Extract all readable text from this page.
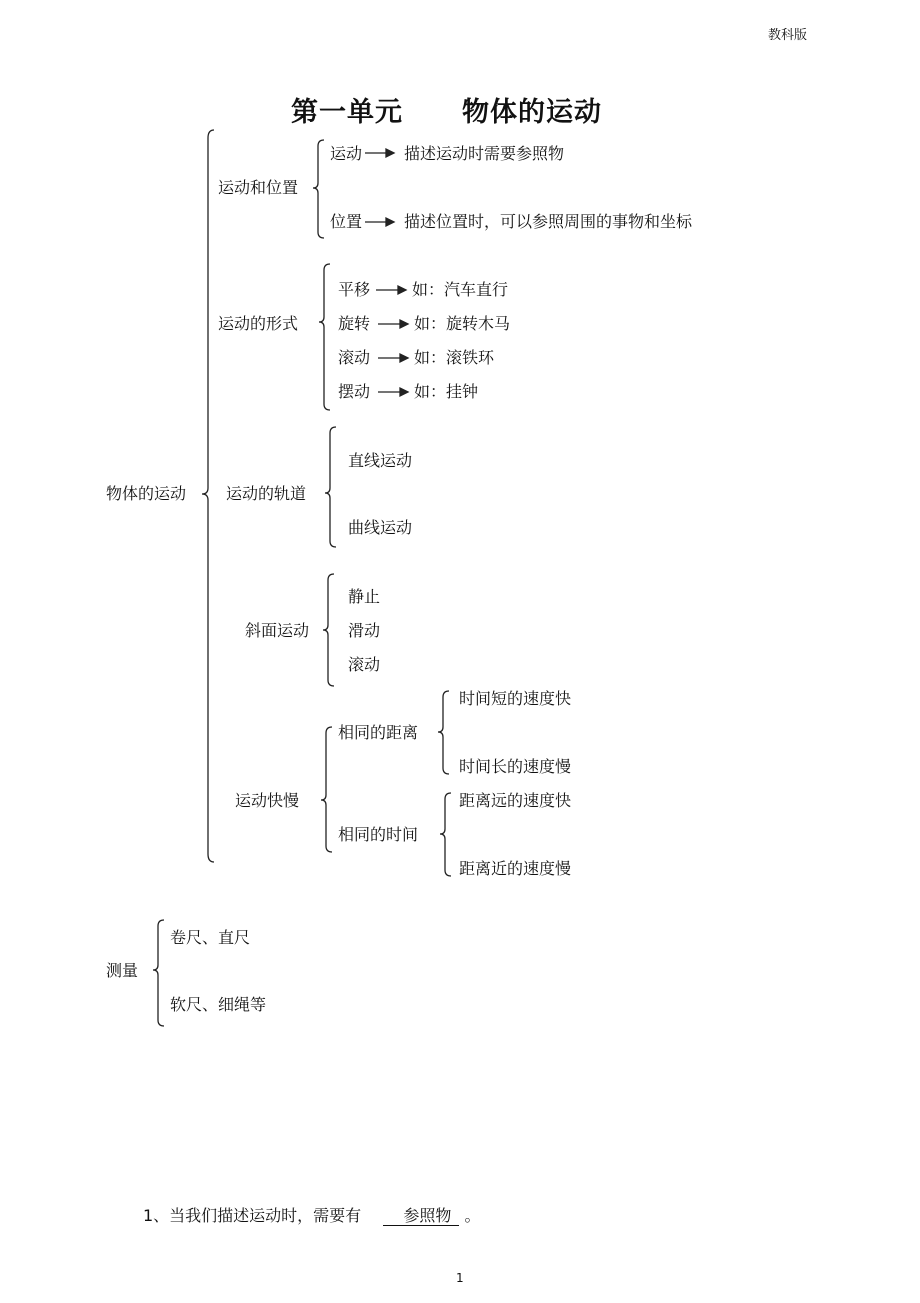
教科版
第一单元 物体的运动
物体的运动
运动和位置
运动	描述运动时需要参照物
位置	描述位置时，可以参照周围的事物和坐标
运动的形式
平移	如：汽车直行
旋转	如：旋转木马
滚动	如：滚铁环
摆动	如：挂钟
运动的轨道
直线运动
曲线运动
斜面运动
静止
滑动
滚动
运动快慢
相同的距离
时间短的速度快
时间长的速度慢
相同的时间
距离远的速度快
距离近的速度慢
测量
卷尺、直尺
软尺、细绳等
1、当我们描述运动时，需要有	参照物 。
1
